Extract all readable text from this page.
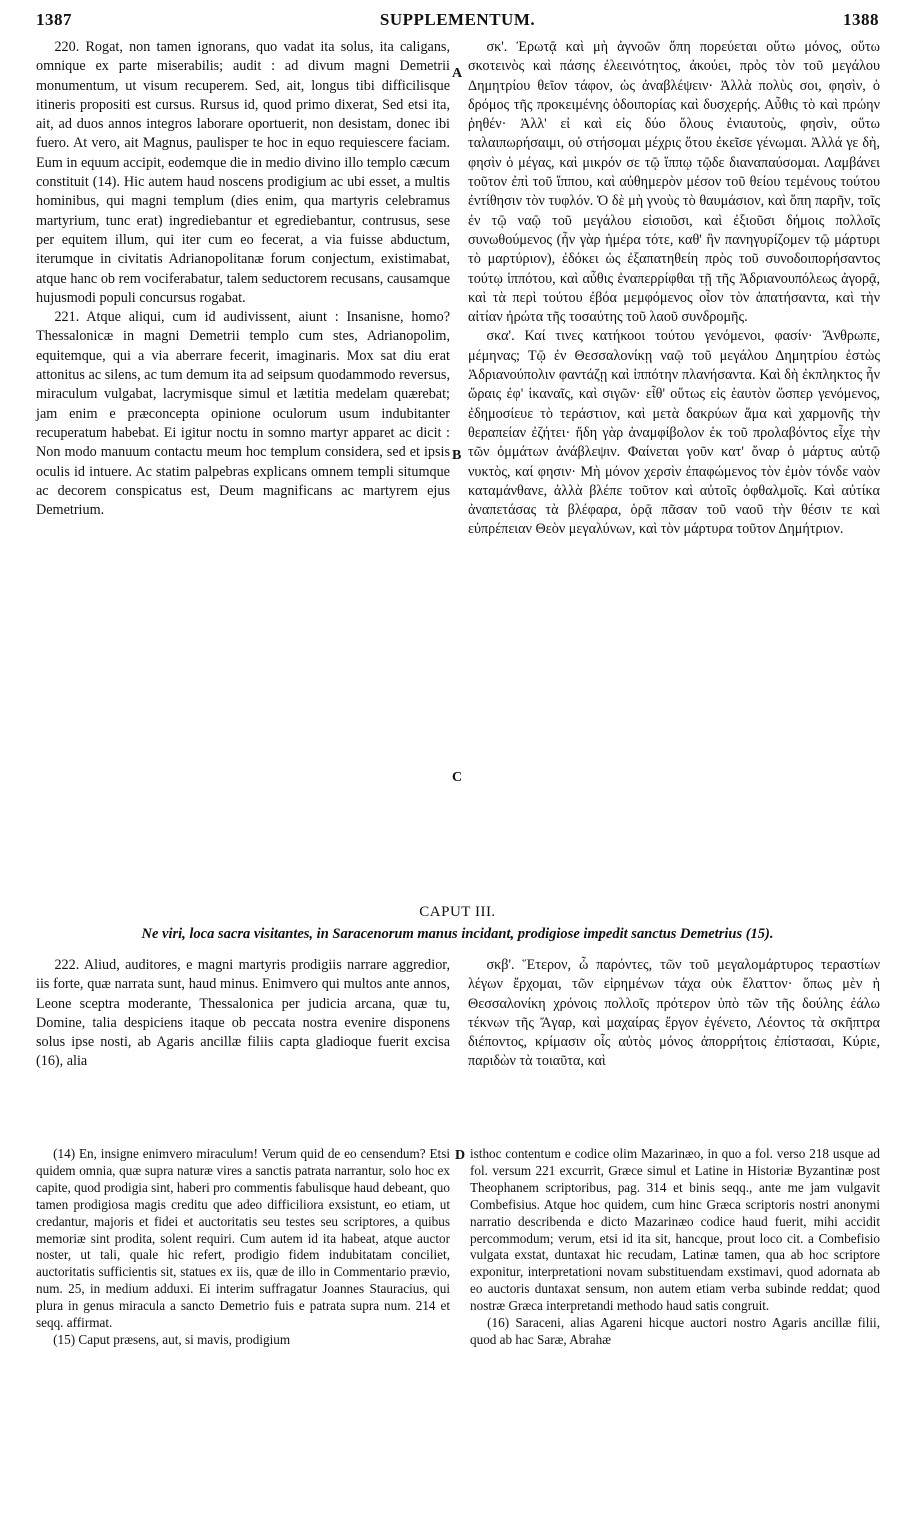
1387	SUPPLEMENTUM.	1388

220. Rogat, non tamen ignorans, quo vadat ita solus, ita caligans, omnique ex parte miserabilis; audit : ad divum magni Demetrii monumentum, ut visum recuperem. Sed, ait, longus tibi difficilisque itineris propositi est cursus. Rursus id, quod primo dixerat, Sed etsi ita, ait, ad duos annos integros laborare oportuerit, non desistam, donec ibi fuero. At vero, ait Magnus, paulisper te hoc in equo requiescere faciam. Eum in equum accipit, eodemque die in medio divino illo templo cæcum constituit (14). Hic autem haud noscens prodigium ac ubi esset, a multis hominibus, qui magni templum (dies enim, qua martyris celebramus martyrium, tunc erat) ingrediebantur et egrediebantur, contrusus, sese per equitem illum, qui iter cum eo fecerat, a via fuisse abductum, iterumque in civitatis Adrianopolitanæ forum conjectum, existimabat, atque hanc ob rem vociferabatur, talem seductorem recusans, causamque hujusmodi populi concursus rogabat.

221. Atque aliqui, cum id audivissent, aiunt : Insanisne, homo? Thessalonicæ in magni Demetrii templo cum stes, Adrianopolim, equitemque, qui a via aberrare fecerit, imaginaris. Mox sat diu erat attonitus ac silens, ac tum demum ita ad seipsum quodammodo reversus, miraculum vulgabat, lacrymisque simul et lætitia medelam quærebat; jam enim e præconcepta opinione oculorum usum indubitanter recuperatum habebat. Ei igitur noctu in somno martyr apparet ac dicit : Non modo manuum contactu meum hoc templum considera, sed et ipsis oculis id intuere. Ac statim palpebras explicans omnem templi situmque ac decorem conspicatus est, Deum magnificans ac martyrem ejus Demetrium.

σκ'. Ἐρωτᾷ καὶ μὴ ἀγνοῶν ὅπη πορεύεται οὕτω μόνος, οὕτω σκοτεινὸς καὶ πάσης ἐλεεινότητος, ἀκούει, πρὸς τὸν τοῦ μεγάλου Δημητρίου θεῖον τάφον, ὡς ἀναβλέψειν· Ἀλλὰ πολὺς σοι, φησὶν, ὁ δρόμος τῆς προκειμένης ὁδοιπορίας καὶ δυσχερής. Αὖθις τὸ καὶ πρώην ῥηθέν· Ἀλλ' εἰ καὶ εἰς δύο ὅλους ἐνιαυτοὺς, φησὶν, οὕτω ταλαιπωρήσαιμι, οὐ στήσομαι μέχρις ὅτου ἐκεῖσε γένωμαι. Ἀλλά γε δὴ, φησὶν ὁ μέγας, καὶ μικρόν σε τῷ ἵππῳ τῷδε διαναπαύσομαι. Λαμβάνει τοῦτον ἐπὶ τοῦ ἵππου, καὶ αὐθημερὸν μέσον τοῦ θείου τεμένους τούτου ἐντίθησιν τὸν τυφλόν. Ὁ δὲ μὴ γνοὺς τὸ θαυμάσιον, καὶ ὅπη παρῆν, τοῖς ἐν τῷ ναῷ τοῦ μεγάλου εἰσιοῦσι, καὶ ἐξιοῦσι δήμοις πολλοῖς συνωθούμενος (ἦν γὰρ ἡμέρα τότε, καθ' ἣν πανηγυρίζομεν τῷ μάρτυρι τὸ μαρτύριον), ἐδόκει ὡς ἐξαπατηθείη πρὸς τοῦ συνοδοιπορήσαντος τούτῳ ἱππότου, καὶ αὖθις ἐναπερρίφθαι τῇ τῆς Ἀδριανουπόλεως ἀγορᾷ, καὶ τὰ περὶ τούτου ἐβόα μεμφόμενος οἷον τὸν ἀπατήσαντα, καὶ τὴν αἰτίαν ἠρώτα τῆς τοσαύτης τοῦ λαοῦ συνδρομῆς.

σκα'. Καί τινες κατήκοοι τούτου γενόμενοι, φασίν· Ἄνθρωπε, μέμηνας; Τῷ ἐν Θεσσαλονίκῃ ναῷ τοῦ μεγάλου Δημητρίου ἑστὼς Ἀδριανούπολιν φαντάζῃ καὶ ἱππότην πλανήσαντα. Καὶ δὴ ἐκπληκτος ἦν ὥραις ἐφ' ἱκαναῖς, καὶ σιγῶν· εἶθ' οὕτως εἰς ἑαυτὸν ὥσπερ γενόμενος, ἐδημοσίευε τὸ τεράστιον, καὶ μετὰ δακρύων ἅμα καὶ χαρμονῆς τὴν θεραπείαν ἐζήτει· ἤδη γὰρ ἀναμφίβολον ἐκ τοῦ προλαβόντος εἶχε τὴν τῶν ὀμμάτων ἀνάβλεψιν. Φαίνεται γοῦν κατ' ὄναρ ὁ μάρτυς αὐτῷ νυκτὸς, καί φησιν· Μὴ μόνον χερσὶν ἐπαφώμενος τὸν ἐμὸν τόνδε ναὸν καταμάνθανε, ἀλλὰ βλέπε τοῦτον καὶ αὐτοῖς ὀφθαλμοῖς. Καὶ αὐτίκα ἀναπετάσας τὰ βλέφαρα, ὁρᾷ πᾶσαν τοῦ ναοῦ τὴν θέσιν τε καὶ εὐπρέπειαν Θεὸν μεγαλύνων, καὶ τὸν μάρτυρα τοῦτον Δημήτριον.

A
B
C
D
CAPUT III.
Ne viri, loca sacra visitantes, in Saracenorum manus incidant, prodigiose impedit sanctus Demetrius (15).

222. Aliud, auditores, e magni martyris prodigiis narrare aggredior, iis forte, quæ narrata sunt, haud minus. Enimvero qui multos ante annos, Leone sceptra moderante, Thessalonica per judicia arcana, quæ tu, Domine, talia despiciens itaque ob peccata nostra evenire disponens solus ipse nosti, ab Agaris ancillæ filiis capta gladioque fuerit excisa (16), alia

σκβ'. Ἕτερον, ὦ παρόντες, τῶν τοῦ μεγαλομάρτυρος τεραστίων λέγων ἔρχομαι, τῶν εἰρημένων τάχα οὐκ ἔλαττον· ὅπως μὲν ἡ Θεσσαλονίκη χρόνοις πολλοῖς πρότερον ὑπὸ τῶν τῆς δούλης ἐάλω τέκνων τῆς Ἄγαρ, καὶ μαχαίρας ἔργον ἐγένετο, Λέοντος τὰ σκῆπτρα διέποντος, κρίμασιν οἷς αὐτὸς μόνος ἀπορρήτοις ἐπίστασαι, Κύριε, παριδὼν τὰ τοιαῦτα, καὶ

(14) En, insigne enimvero miraculum! Verum quid de eo censendum? Etsi quidem omnia, quæ supra naturæ vires a sanctis patrata narrantur, solo hoc ex capite, quod prodigia sint, haberi pro commentis fabulisque haud debeant, quo tamen prodigiosa magis creditu que adeo difficiliora exsistunt, eo etiam, ut credantur, majoris et fidei et auctoritatis seu testes seu scriptores, a quibus memoriæ sint prodita, solent requiri. Cum autem id ita habeat, atque auctor noster, ut tali, quale hic refert, prodigio fidem indubitatam conciliet, auctoritatis sufficientis sit, statues ex iis, quæ de illo in Commentario prævio, num. 25, in medium adduxi. Ei interim suffragatur Joannes Stauracius, qui plura in genus miracula a sancto Demetrio fuis e patrata supra num. 214 et seqq. affirmat.

(15) Caput præsens, aut, si mavis, prodigium

isthoc contentum e codice olim Mazarinæo, in quo a fol. verso 218 usque ad fol. versum 221 excurrit, Græce simul et Latine in Historiæ Byzantinæ post Theophanem scriptoribus, pag. 314 et binis seqq., ante me jam vulgavit Combefisius. Atque hoc quidem, cum hinc Græca scriptoris nostri anonymi narratio describenda e dicto Mazarinæo codice haud fuerit, mihi accidit percommodum; verum, etsi id ita sit, hancque, prout loco cit. a Combefisio vulgata exstat, duntaxat hic recudam, Latinæ tamen, qua ab hoc scriptore exponitur, interpretationi novam substituendam exstimavi, quod adornata ab eo auctoris duntaxat sensum, non autem etiam verba subinde reddat; quod nostræ Græca interpretandi methodo haud satis congruit.

(16) Saraceni, alias Agareni hicque auctori nostro Agaris ancillæ filii, quod ab hac Saræ, Abrahæ
